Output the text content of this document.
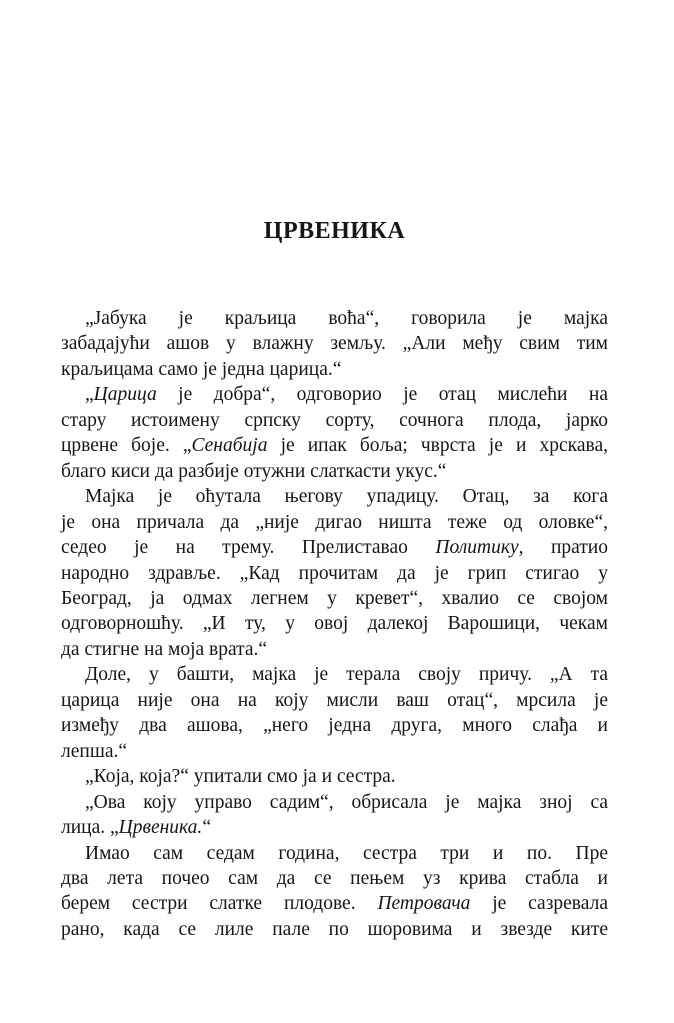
ЦРВЕНИКА
„Јабука је краљица воћа“, говорила је мајка
забадајући ашов у влажну земљу. „Али међу свим тим
краљицама само је једна царица.“
„Царица је добра“, одговорио је отац мислећи на
стару истоимену српску сорту, сочнога плода, јарко
црвене боје. „Сенабија је ипак боља; чврста је и хрскава,
благо киси да разбије отужни слаткасти укус.“
Мајка је оћутала његову упадицу. Отац, за кога
је она причала да „није дигао ништа теже од оловке“,
седео је на трему. Прелиставао Политику, пратио
народно здравље. „Кад прочитам да је грип стигао у
Београд, ја одмах легнем у кревет“, хвалио се својом
одговорношћу. „И ту, у овој далекој Варошици, чекам
да стигне на моја врата.“
Доле, у башти, мајка је терала своју причу. „А та
царица није она на коју мисли ваш отац“, мрсила је
између два ашова, „него једна друга, много слађа и
лепша.“
„Која, која?“ упитали смо ја и сестра.
„Ова коју управо садим“, обрисала је мајка зној са
лица. „Црвеника.“
Имао сам седам година, сестра три и по. Пре
два лета почео сам да се пењем уз крива стабла и
берем сестри слатке плодове. Петровача је сазревала
рано, када се лиле пале по шоровима и звезде ките
